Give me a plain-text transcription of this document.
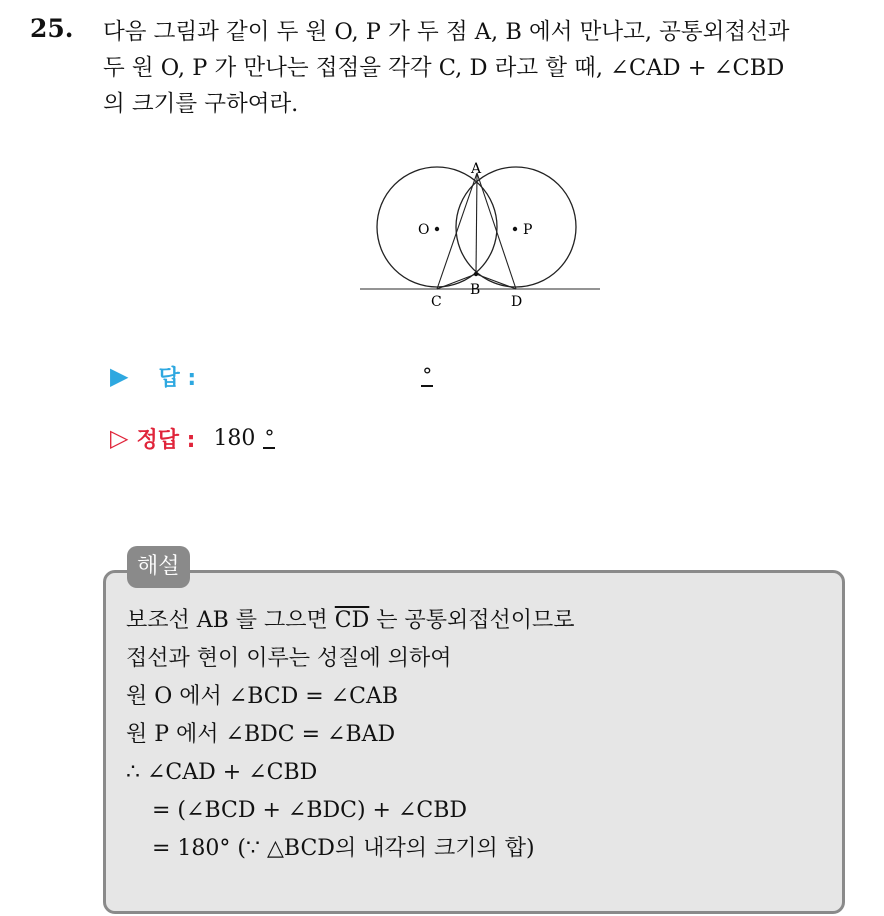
25. 다음 그림과 같이 두 원 O, P 가 두 점 A, B 에서 만나고, 공통외접선과
두 원 O, P 가 만나는 접점을 각각 C, D 라고 할 때, ∠CAD + ∠CBD
의 크기를 구하여라.
A
O	P
B
C	D
▶ 답 :	°
▷ 정답 : 180 °
해설
보조선 AB 를 그으면 $\overline{CD}$ 는 공통외접선이므로
접선과 현이 이루는 성질에 의하여
원 O 에서 ∠BCD = ∠CAB
원 P 에서 ∠BDC = ∠BAD
∴ ∠CAD + ∠CBD
= (∠BCD + ∠BDC) + ∠CBD
= 180° (∵ △BCD의 내각의 크기의 합)
